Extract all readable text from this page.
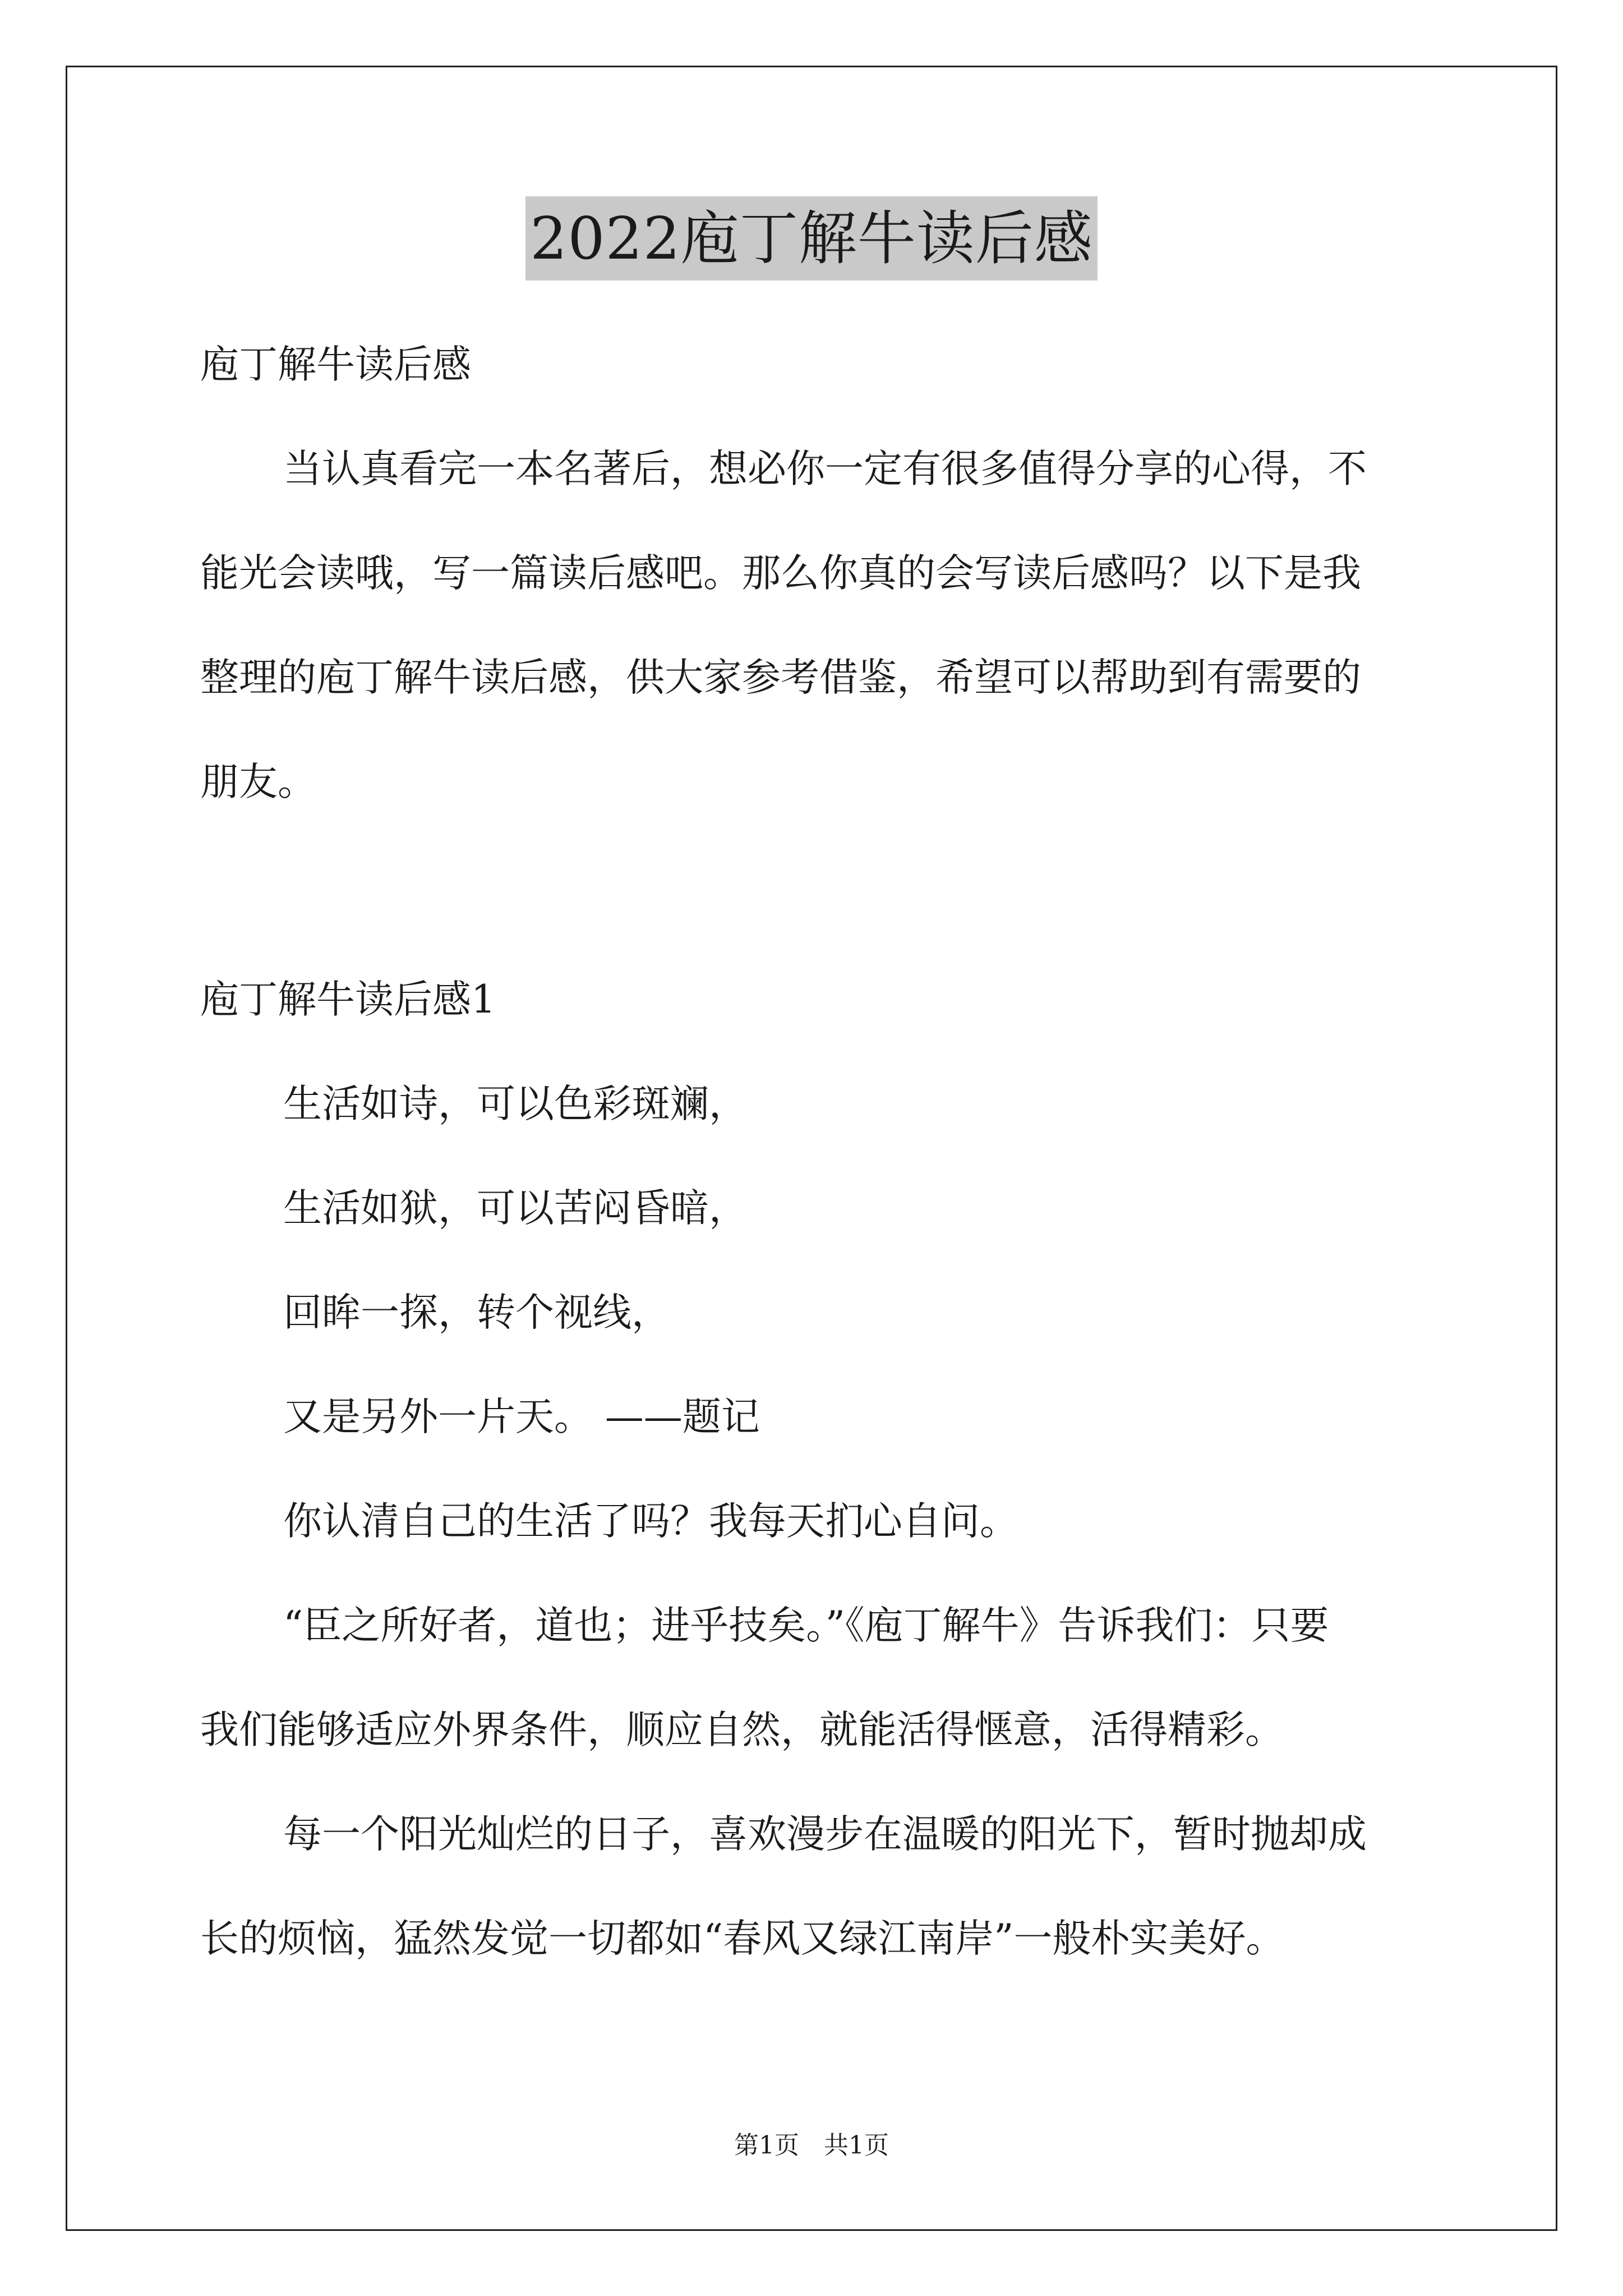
2022庖丁解牛读后感
庖丁解牛读后感
当认真看完一本名著后，想必你一定有很多值得分享的心得，不
能光会读哦，写一篇读后感吧。那么你真的会写读后感吗？以下是我
整理的庖丁解牛读后感，供大家参考借鉴，希望可以帮助到有需要的
朋友。
庖丁解牛读后感1
生活如诗，可以色彩斑斓，
生活如狱，可以苦闷昏暗，
回眸一探，转个视线，
又是另外一片天。 ——题记
你认清自己的生活了吗？我每天扪心自问。
“臣之所好者，道也；进乎技矣。”《庖丁解牛》告诉我们：只要
我们能够适应外界条件，顺应自然，就能活得惬意，活得精彩。
每一个阳光灿烂的日子，喜欢漫步在温暖的阳光下，暂时抛却成
长的烦恼，猛然发觉一切都如“春风又绿江南岸”一般朴实美好。
第1页　共1页
